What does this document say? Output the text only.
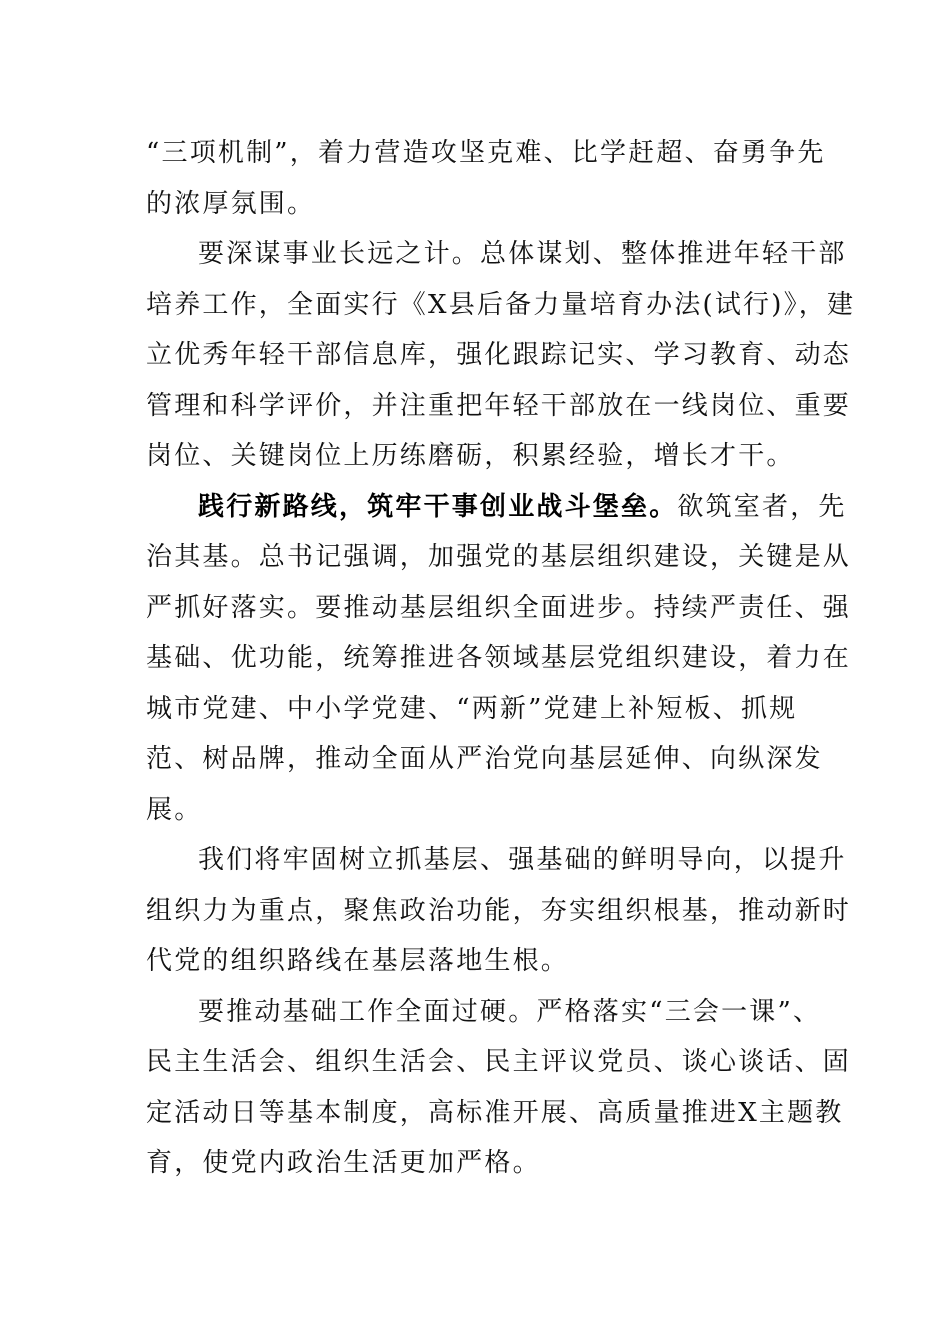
“三项机制”，着力营造攻坚克难、比学赶超、奋勇争先
的浓厚氛围。
要深谋事业长远之计。总体谋划、整体推进年轻干部
培养工作，全面实行《X县后备力量培育办法(试行)》，建
立优秀年轻干部信息库，强化跟踪记实、学习教育、动态
管理和科学评价，并注重把年轻干部放在一线岗位、重要
岗位、关键岗位上历练磨砺，积累经验，增长才干。
践行新路线，筑牢干事创业战斗堡垒。欲筑室者，先
治其基。总书记强调，加强党的基层组织建设，关键是从
严抓好落实。要推动基层组织全面进步。持续严责任、强
基础、优功能，统筹推进各领域基层党组织建设，着力在
城市党建、中小学党建、“两新”党建上补短板、抓规
范、树品牌，推动全面从严治党向基层延伸、向纵深发
展。
我们将牢固树立抓基层、强基础的鲜明导向，以提升
组织力为重点，聚焦政治功能，夯实组织根基，推动新时
代党的组织路线在基层落地生根。
要推动基础工作全面过硬。严格落实“三会一课”、
民主生活会、组织生活会、民主评议党员、谈心谈话、固
定活动日等基本制度，高标准开展、高质量推进X主题教
育，使党内政治生活更加严格。
